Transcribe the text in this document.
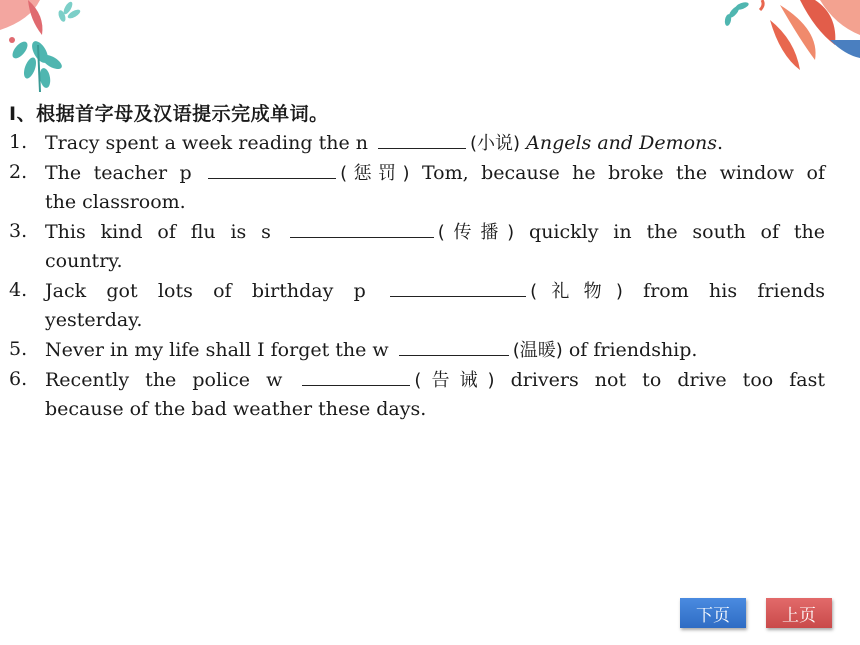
Ⅰ、根据首字母及汉语提示完成单词。
1. Tracy spent a week reading the n	(小说) Angels and Demons.
2. The teacher p	(惩罚) Tom, because he broke the window of
the classroom.
3. This kind of flu is s	(传播) quickly in the south of the
country.
4. Jack got lots of birthday p	(礼物) from his friends
yesterday.
5. Never in my life shall I forget the w	(温暖) of friendship.
6. Recently the police w	(告诫) drivers not to drive too fast
because of the bad weather these days.
下页	上页
